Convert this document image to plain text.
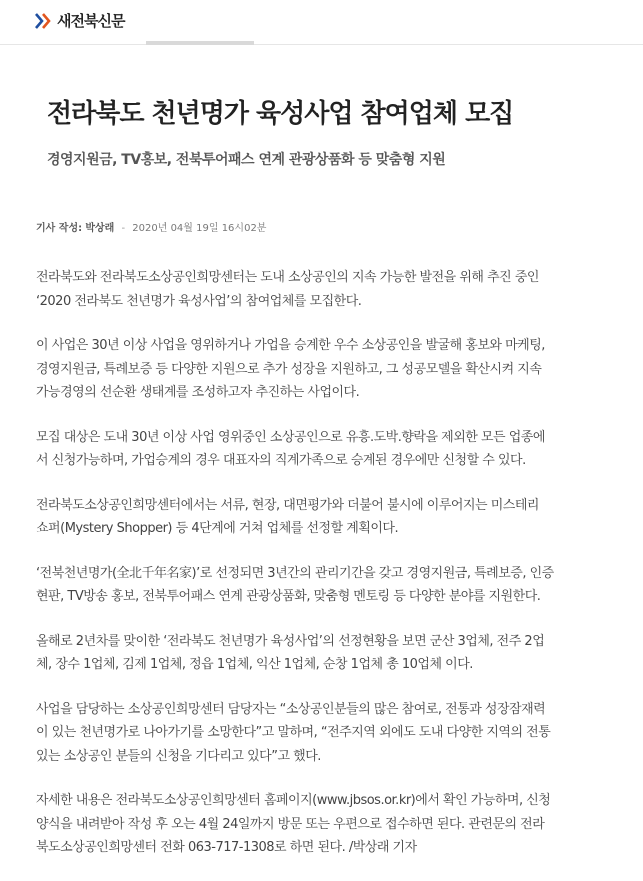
새전북신문
전라북도 천년명가 육성사업 참여업체 모집
경영지원금, TV홍보, 전북투어패스 연계 관광상품화 등 맞춤형 지원
기사 작성: 박상래 - 2020년 04월 19일 16시02분

전라북도와 전라북도소상공인희망센터는 도내 소상공인의 지속 가능한 발전을 위해 추진 중인
‘2020 전라북도 천년명가 육성사업’의 참여업체를 모집한다.

이 사업은 30년 이상 사업을 영위하거나 가업을 승계한 우수 소상공인을 발굴해 홍보와 마케팅,
경영지원금, 특례보증 등 다양한 지원으로 추가 성장을 지원하고, 그 성공모델을 확산시켜 지속
가능경영의 선순환 생태계를 조성하고자 추진하는 사업이다.

모집 대상은 도내 30년 이상 사업 영위중인 소상공인으로 유흥.도박.향락을 제외한 모든 업종에
서 신청가능하며, 가업승계의 경우 대표자의 직계가족으로 승계된 경우에만 신청할 수 있다.

전라북도소상공인희망센터에서는 서류, 현장, 대면평가와 더불어 불시에 이루어지는 미스테리
쇼퍼(Mystery Shopper) 등 4단계에 거쳐 업체를 선정할 계획이다.

‘전북천년명가(全北千年名家)’로 선정되면 3년간의 관리기간을 갖고 경영지원금, 특례보증, 인증
현판, TV방송 홍보, 전북투어패스 연계 관광상품화, 맞춤형 멘토링 등 다양한 분야를 지원한다.

올해로 2년차를 맞이한 ‘전라북도 천년명가 육성사업’의 선정현황을 보면 군산 3업체, 전주 2업
체, 장수 1업체, 김제 1업체, 정읍 1업체, 익산 1업체, 순창 1업체 총 10업체 이다.

사업을 담당하는 소상공인희망센터 담당자는 “소상공인분들의 많은 참여로, 전통과 성장잠재력
이 있는 천년명가로 나아가기를 소망한다”고 말하며, “전주지역 외에도 도내 다양한 지역의 전통
있는 소상공인 분들의 신청을 기다리고 있다”고 했다.

자세한 내용은 전라북도소상공인희망센터 홈페이지(www.jbsos.or.kr)에서 확인 가능하며, 신청
양식을 내려받아 작성 후 오는 4월 24일까지 방문 또는 우편으로 접수하면 된다. 관련문의 전라
북도소상공인희망센터 전화 063-717-1308로 하면 된다. /박상래 기자
